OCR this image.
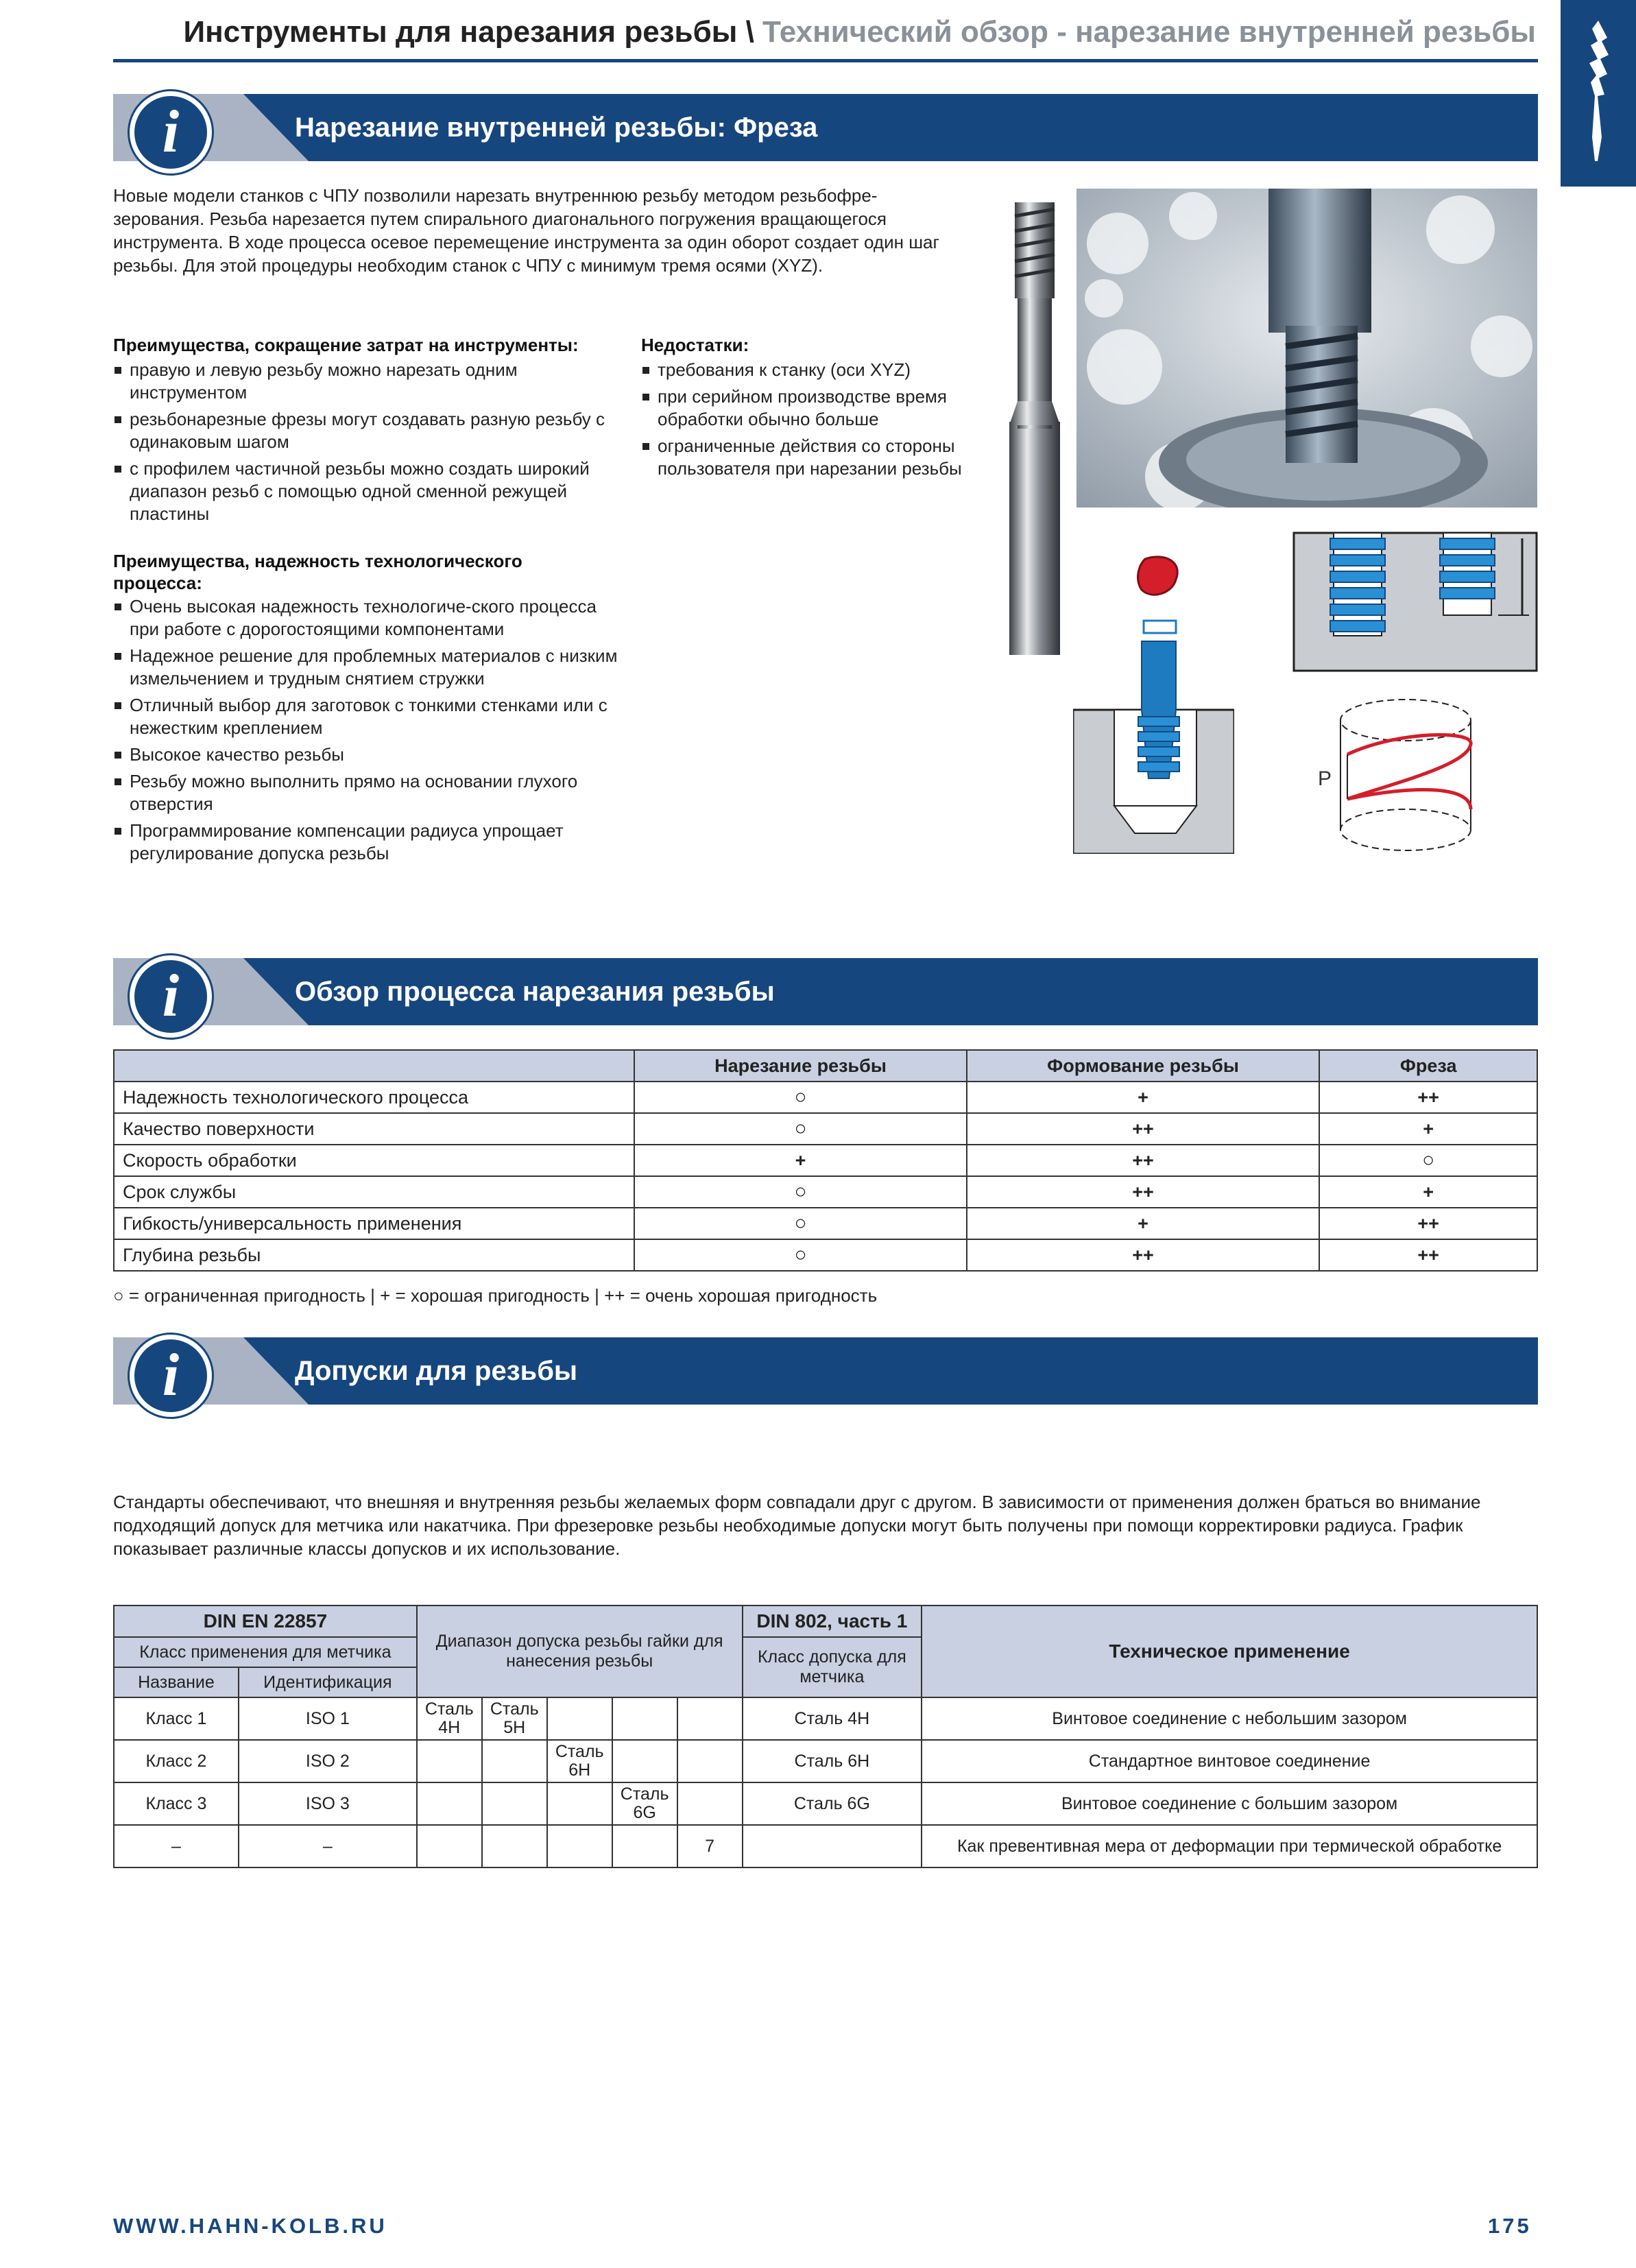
Инструменты для нарезания резьбы \ Технический обзор - нарезание внутренней резьбы
i	Нарезание внутренней резьбы: Фреза
Новые модели станков с ЧПУ позволили нарезать внутреннюю резьбу методом резьбофре-зерования. Резьба нарезается путем спирального диагонального погружения вращающегося инструмента. В ходе процесса осевое перемещение инструмента за один оборот создает один шаг резьбы. Для этой процедуры необходим станок с ЧПУ с минимум тремя осями (XYZ).
Преимущества, сокращение затрат на инструменты:
правую и левую резьбу можно нарезать одним инструментом
резьбонарезные фрезы могут создавать разную резьбу с одинаковым шагом
с профилем частичной резьбы можно создать широкий диапазон резьб с помощью одной сменной режущей пластины
Недостатки:
требования к станку (оси XYZ)
при серийном производстве время обработки обычно больше
ограниченные действия со стороны пользователя при нарезании резьбы
Преимущества, надежность технологического процесса:
Очень высокая надежность технологиче-ского процесса при работе с дорогостоящими компонентами
Надежное решение для проблемных материалов с низким измельчением и трудным снятием стружки
Отличный выбор для заготовок с тонкими стенками или с нежестким креплением
Высокое качество резьбы
Резьбу можно выполнить прямо на основании глухого отверстия
Программирование компенсации радиуса упрощает регулирование допуска резьбы
P
i	Обзор процесса нарезания резьбы
	Нарезание резьбы	Формование резьбы	Фреза
Надежность технологического процесса	○	+	++
Качество поверхности	○	++	+
Скорость обработки	+	++	○
Срок службы	○	++	+
Гибкость/универсальность применения	○	+	++
Глубина резьбы	○	++	++
○ = ограниченная пригодность | + = хорошая пригодность | ++ = очень хорошая пригодность
i	Допуски для резьбы
Стандарты обеспечивают, что внешняя и внутренняя резьбы желаемых форм совпадали друг с другом. В зависимости от применения должен браться во внимание подходящий допуск для метчика или накатчика. При фрезеровке резьбы необходимые допуски могут быть получены при помощи корректировки радиуса. График показывает различные классы допусков и их использование.
DIN EN 22857		Диапазон допуска резьбы гайки для нанесения резьбы					DIN 802, часть 1	Техническое применение
Класс применения для метчика							Класс допуска для метчика	
Название	Идентификация							
Класс 1	ISO 1	Сталь 4H	Сталь 5H				Сталь 4H	Винтовое соединение с небольшим зазором
Класс 2	ISO 2			Сталь 6H			Сталь 6H	Стандартное винтовое соединение
Класс 3	ISO 3				Сталь 6G		Сталь 6G	Винтовое соединение с большим зазором
–	–					7		Как превентивная мера от деформации при термической обработке
WWW.HAHN-KOLB.RU	175
